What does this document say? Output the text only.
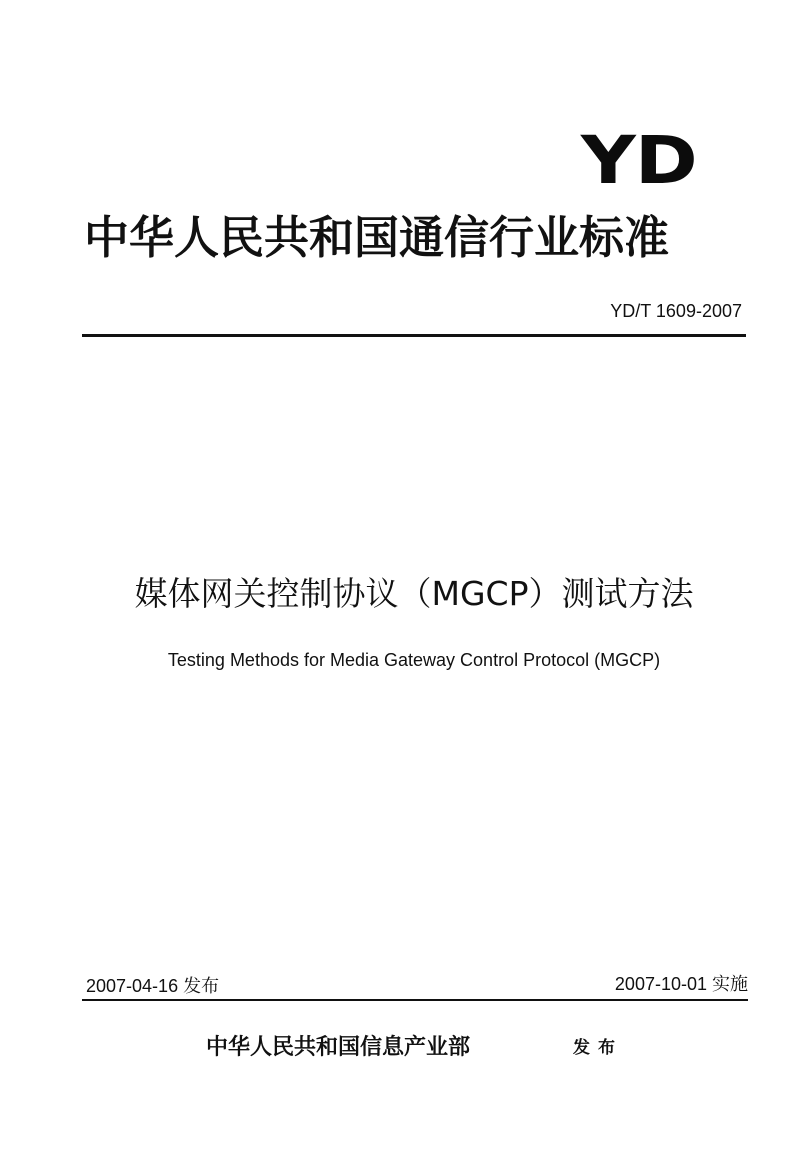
YD
中华人民共和国通信行业标准
YD/T 1609-2007
媒体网关控制协议（MGCP）测试方法
Testing Methods for Media Gateway Control Protocol (MGCP)
2007-04-16 发布	2007-10-01 实施
中华人民共和国信息产业部	发布
